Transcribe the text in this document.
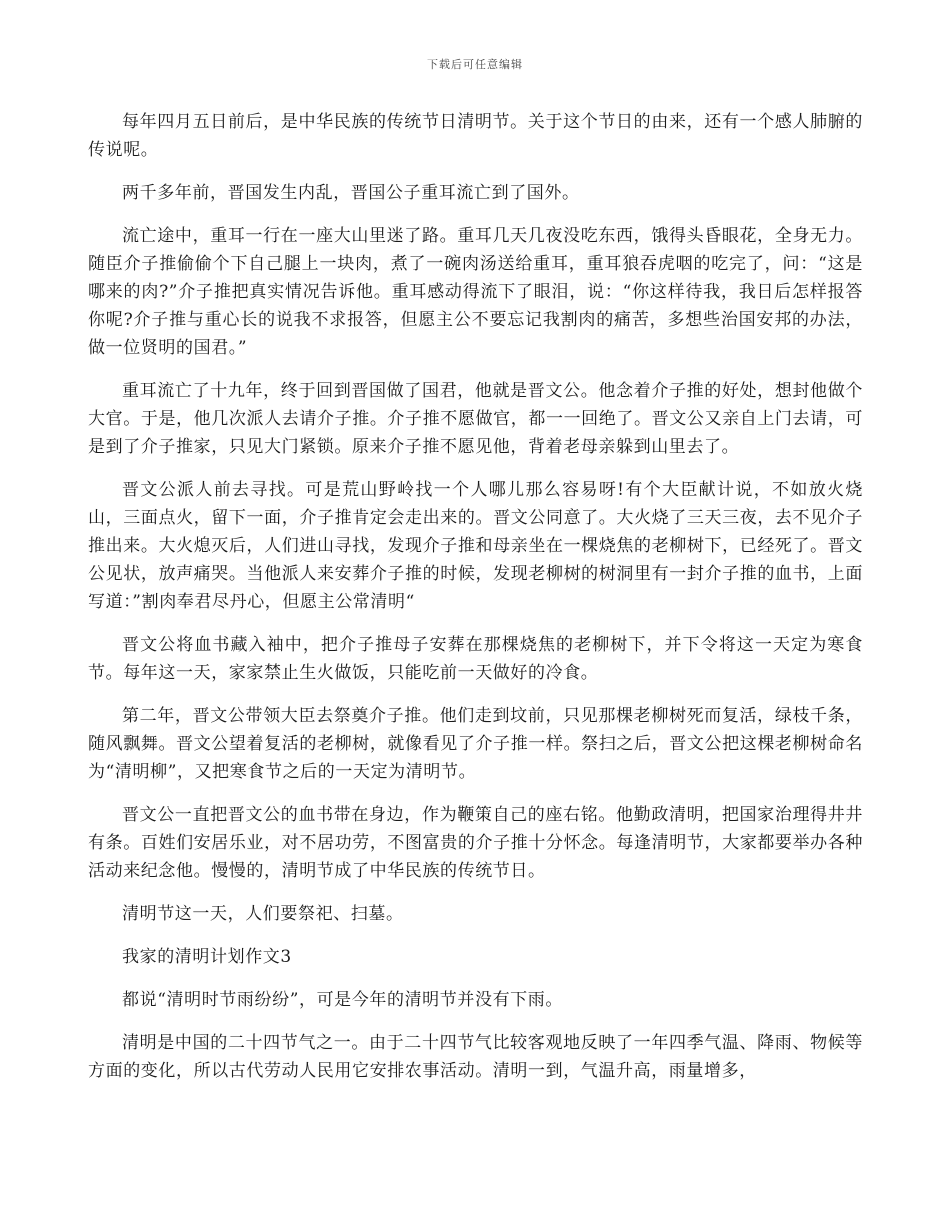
下载后可任意编辑

每年四月五日前后，是中华民族的传统节日清明节。关于这个节日的由来，还有一个感人肺腑的传说呢。

两千多年前，晋国发生内乱，晋国公子重耳流亡到了国外。

流亡途中，重耳一行在一座大山里迷了路。重耳几天几夜没吃东西，饿得头昏眼花，全身无力。随臣介子推偷偷个下自己腿上一块肉，煮了一碗肉汤送给重耳，重耳狼吞虎咽的吃完了，问：“这是哪来的肉?”介子推把真实情况告诉他。重耳感动得流下了眼泪，说：“你这样待我，我日后怎样报答你呢?介子推与重心长的说我不求报答，但愿主公不要忘记我割肉的痛苦，多想些治国安邦的办法，做一位贤明的国君。”

重耳流亡了十九年，终于回到晋国做了国君，他就是晋文公。他念着介子推的好处，想封他做个大官。于是，他几次派人去请介子推。介子推不愿做官，都一一回绝了。晋文公又亲自上门去请，可是到了介子推家，只见大门紧锁。原来介子推不愿见他，背着老母亲躲到山里去了。

晋文公派人前去寻找。可是荒山野岭找一个人哪儿那么容易呀!有个大臣献计说，不如放火烧山，三面点火，留下一面，介子推肯定会走出来的。晋文公同意了。大火烧了三天三夜，去不见介子推出来。大火熄灭后，人们进山寻找，发现介子推和母亲坐在一棵烧焦的老柳树下，已经死了。晋文公见状，放声痛哭。当他派人来安葬介子推的时候，发现老柳树的树洞里有一封介子推的血书，上面写道：”割肉奉君尽丹心，但愿主公常清明“

晋文公将血书藏入袖中，把介子推母子安葬在那棵烧焦的老柳树下，并下令将这一天定为寒食节。每年这一天，家家禁止生火做饭，只能吃前一天做好的冷食。

第二年，晋文公带领大臣去祭奠介子推。他们走到坟前，只见那棵老柳树死而复活，绿枝千条，随风飘舞。晋文公望着复活的老柳树，就像看见了介子推一样。祭扫之后，晋文公把这棵老柳树命名为“清明柳”，又把寒食节之后的一天定为清明节。

晋文公一直把晋文公的血书带在身边，作为鞭策自己的座右铭。他勤政清明，把国家治理得井井有条。百姓们安居乐业，对不居功劳，不图富贵的介子推十分怀念。每逢清明节，大家都要举办各种活动来纪念他。慢慢的，清明节成了中华民族的传统节日。

清明节这一天，人们要祭祀、扫墓。

我家的清明计划作文3

都说“清明时节雨纷纷”，可是今年的清明节并没有下雨。

清明是中国的二十四节气之一。由于二十四节气比较客观地反映了一年四季气温、降雨、物候等方面的变化，所以古代劳动人民用它安排农事活动。清明一到，气温升高，雨量增多，
